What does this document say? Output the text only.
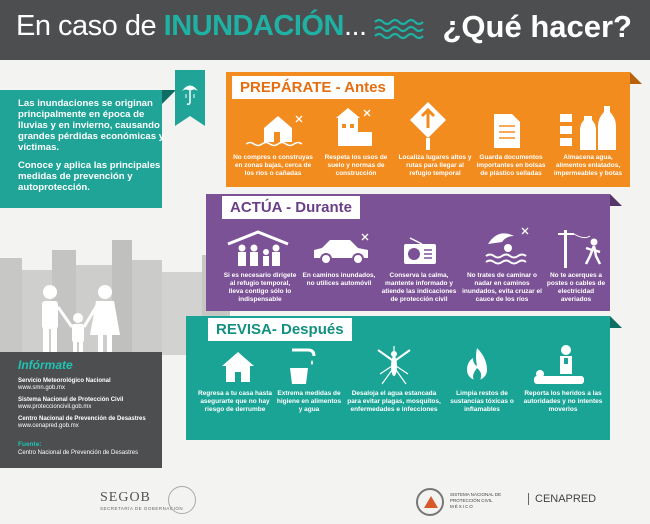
En caso de INUNDACIÓN... ¿Qué hacer?
Las inundaciones se originan principalmente en época de lluvias y en invierno, causando grandes pérdidas económicas y víctimas.
Conoce y aplica las principales medidas de prevención y autoprotección.
Infórmate
Servicio Meteorológico Nacional
www.smn.gob.mx
Sistema Nacional de Protección Civil
www.proteccioncivil.gob.mx
Centro Nacional de Prevención de Desastres
www.cenapred.gob.mx
Fuente:
Centro Nacional de Prevención de Desastres
PREPÁRATE - Antes
No compres o construyas en zonas bajas, cerca de los ríos o cañadas
Respeta los usos de suelo y normas de construcción
Localiza lugares altos y rutas para llegar al refugio temporal
Guarda documentos importantes en bolsas de plástico selladas
Almacena agua, alimentos enlatados, impermeables y botas
ACTÚA - Durante
Si es necesario dirígete al refugio temporal, lleva contigo sólo lo indispensable
En caminos inundados, no utilices automóvil
Conserva la calma, mantente informado y atiende las indicaciones de protección civil
No trates de caminar o nadar en caminos inundados, evita cruzar el cauce de los ríos
No te acerques a postes o cables de electricidad averiados
REVISA- Después
Regresa a tu casa hasta asegurarte que no hay riesgo de derrumbe
Extrema medidas de higiene en alimentos y agua
Desaloja el agua estancada para evitar plagas, mosquitos, enfermedades e infecciones
Limpia restos de sustancias tóxicas o inflamables
Reporta los heridos a las autoridades y no intentes moverlos
SEGOB
SECRETARÍA DE GOBERNACIÓN
SISTEMA NACIONAL DE PROTECCIÓN CIVIL
MÉXICO
CENAPRED
